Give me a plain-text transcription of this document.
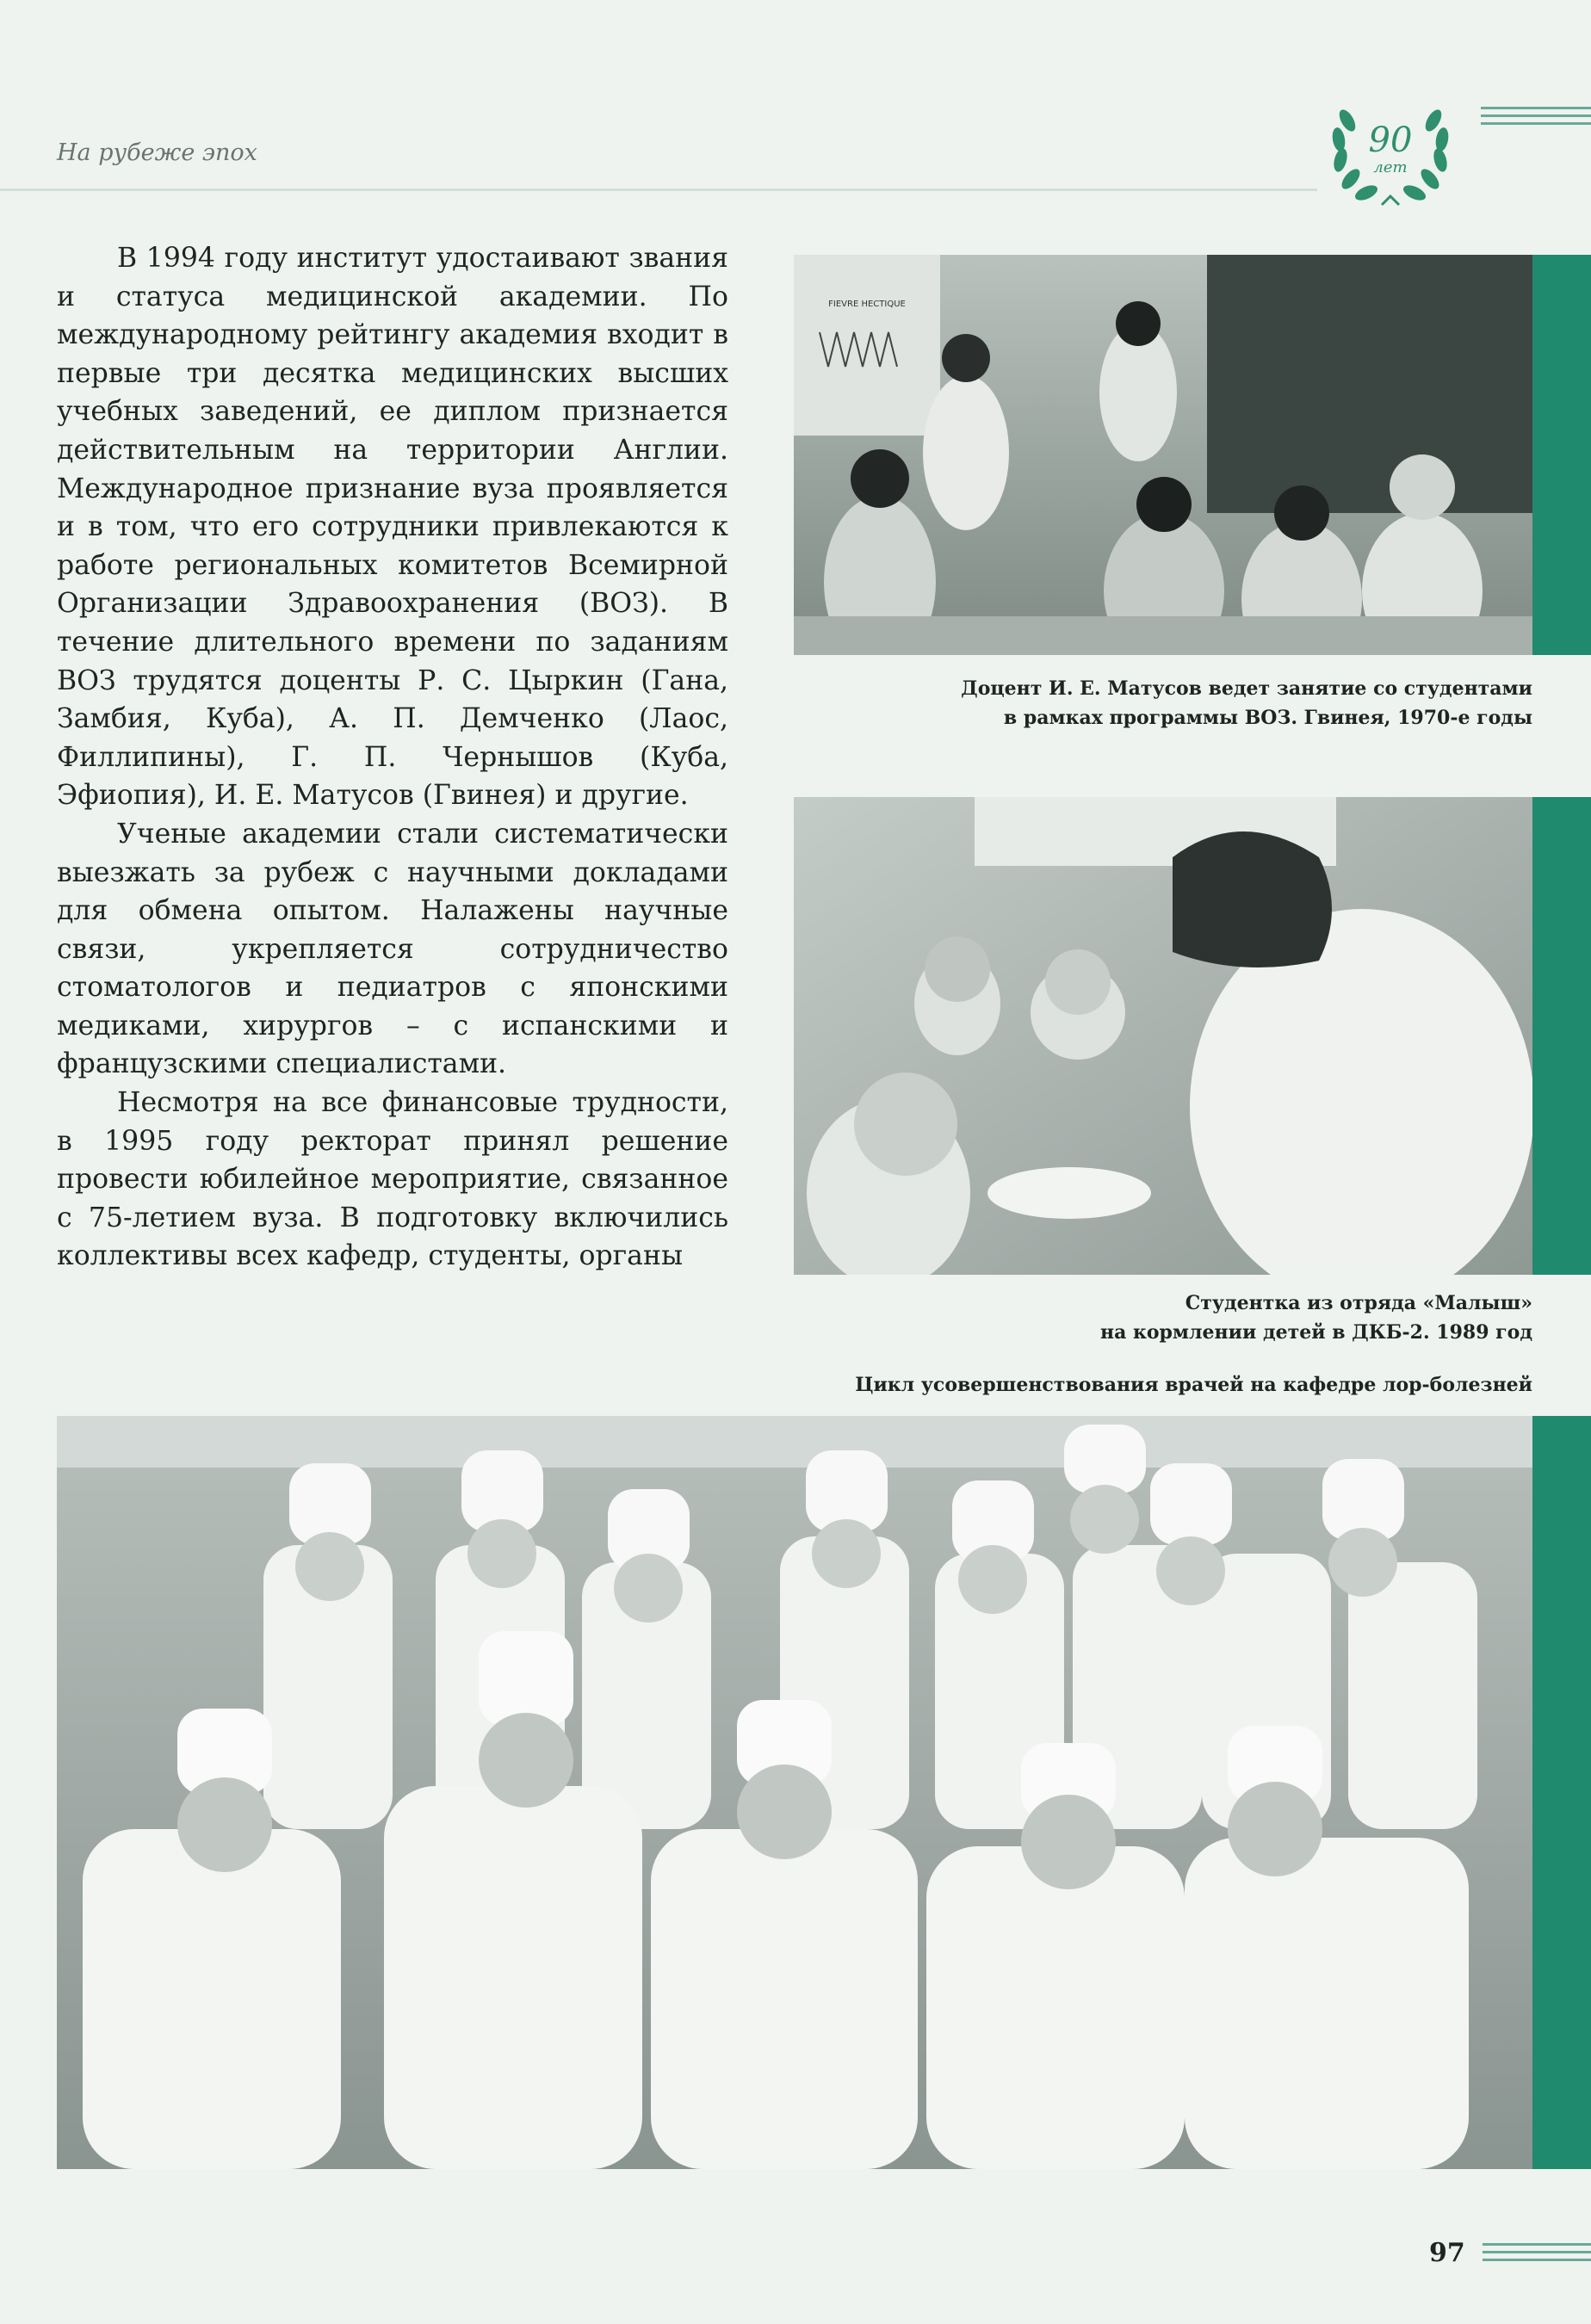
На рубеже эпох	90
лет

В 1994 году институт удостаивают звания и статуса медицинской академии. По международному рейтингу академия входит в первые три десятка медицинских высших учебных заведений, ее диплом признается действительным на территории Англии. Международное признание вуза проявляется и в том, что его сотрудники привлекаются к работе региональных комитетов Всемирной Организации Здравоохранения (ВОЗ). В течение длительного времени по заданиям ВОЗ трудятся доценты Р. С. Цыркин (Гана, Замбия, Куба), А. П. Демченко (Лаос, Филлипины), Г. П. Чернышов (Куба, Эфиопия), И. Е. Матусов (Гвинея) и другие.

Ученые академии стали систематически выезжать за рубеж с научными докладами для обмена опытом. Налажены научные связи, укрепляется сотрудничество стоматологов и педиатров с японскими медиками, хирургов – с испанскими и французскими специалистами.

Несмотря на все финансовые трудности, в 1995 году ректорат принял решение провести юбилейное мероприятие, связанное с 75-летием вуза. В подготовку включились коллективы всех кафедр, студенты, органы

FIEVRE HECTIQUE
Доцент И. Е. Матусов ведет занятие со студентами
в рамках программы ВОЗ. Гвинея, 1970-е годы
Студентка из отряда «Малыш»
на кормлении детей в ДКБ-2. 1989 год
Цикл усовершенствования врачей на кафедре лор-болезней
97
